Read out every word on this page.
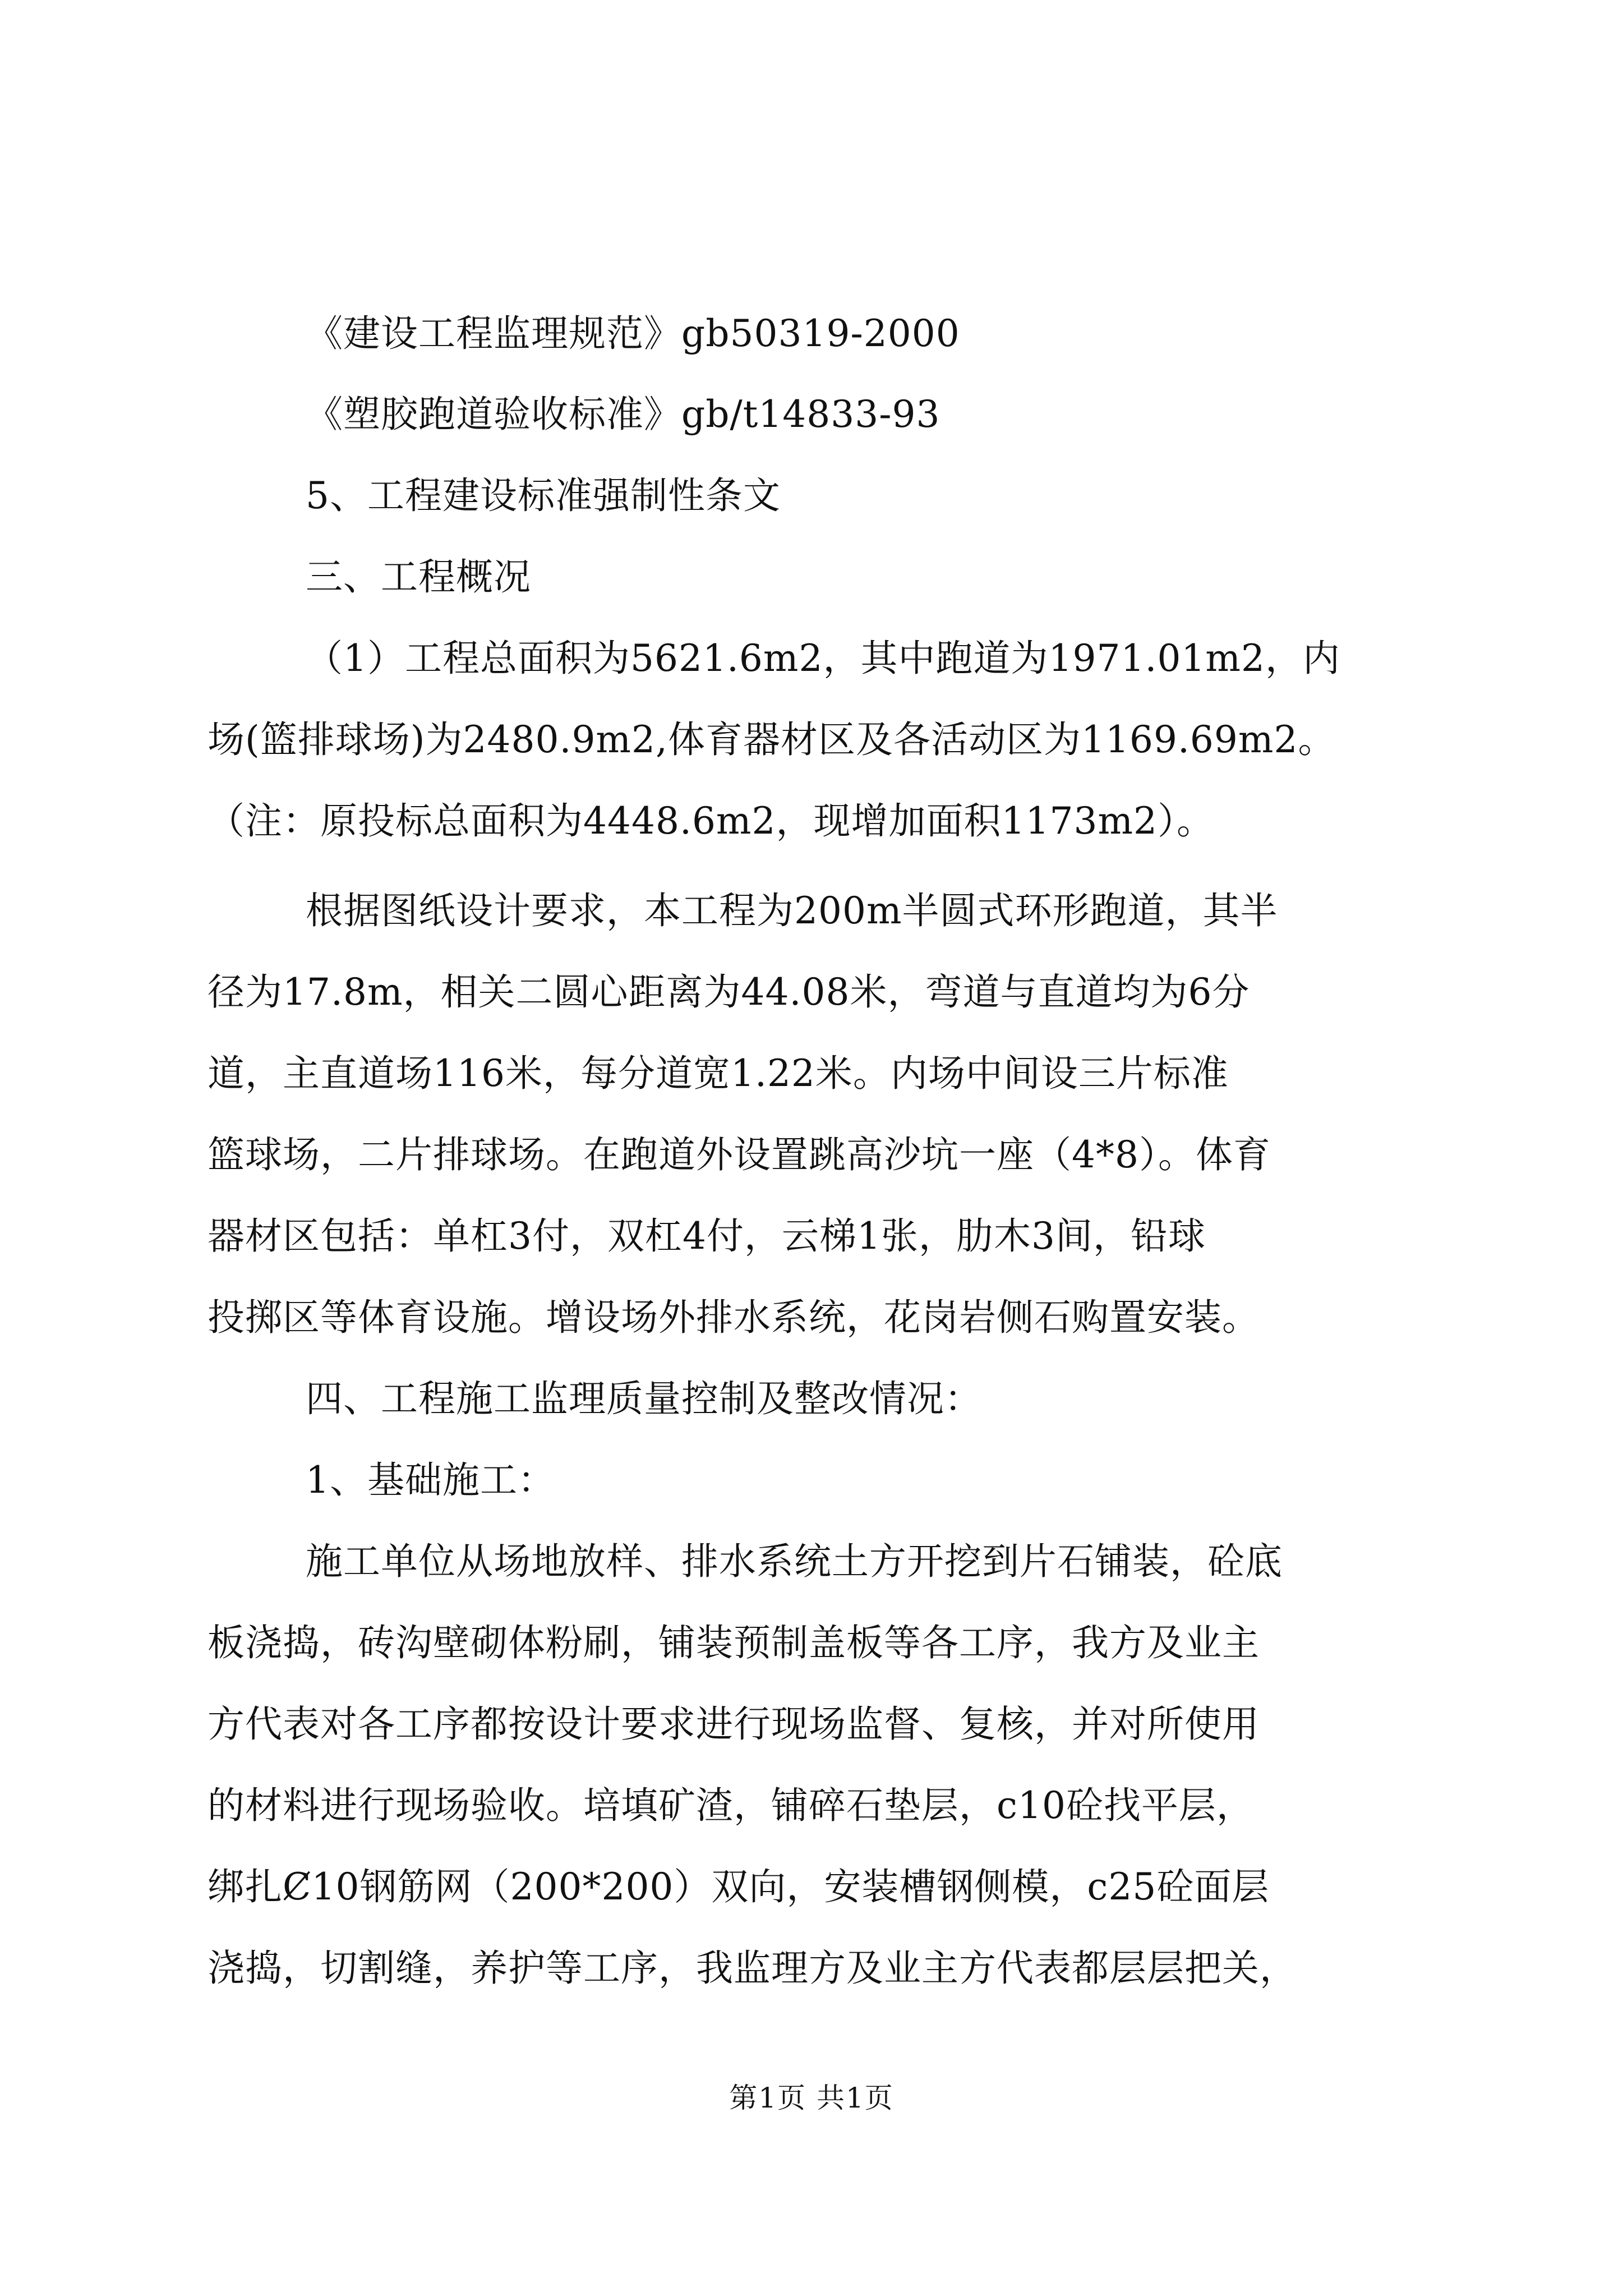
《建设工程监理规范》gb50319-2000
《塑胶跑道验收标准》gb/t14833-93
5、工程建设标准强制性条文
三、工程概况
（1）工程总面积为5621.6m2，其中跑道为1971.01m2，内
场(篮排球场)为2480.9m2,体育器材区及各活动区为1169.69m2。
（注：原投标总面积为4448.6m2，现增加面积1173m2）。
根据图纸设计要求，本工程为200m半圆式环形跑道，其半
径为17.8m，相关二圆心距离为44.08米，弯道与直道均为6分
道，主直道场116米，每分道宽1.22米。内场中间设三片标准
篮球场，二片排球场。在跑道外设置跳高沙坑一座（4*8）。体育
器材区包括：单杠3付，双杠4付，云梯1张，肋木3间，铅球
投掷区等体育设施。增设场外排水系统，花岗岩侧石购置安装。
四、工程施工监理质量控制及整改情况：
1、基础施工：
施工单位从场地放样、排水系统土方开挖到片石铺装，砼底
板浇捣，砖沟壁砌体粉刷，铺装预制盖板等各工序，我方及业主
方代表对各工序都按设计要求进行现场监督、复核，并对所使用
的材料进行现场验收。培填矿渣，铺碎石垫层，c10砼找平层，
绑扎Ȼ10钢筋网（200*200）双向，安装槽钢侧模，c25砼面层
浇捣，切割缝，养护等工序，我监理方及业主方代表都层层把关，
第1页 共1页
